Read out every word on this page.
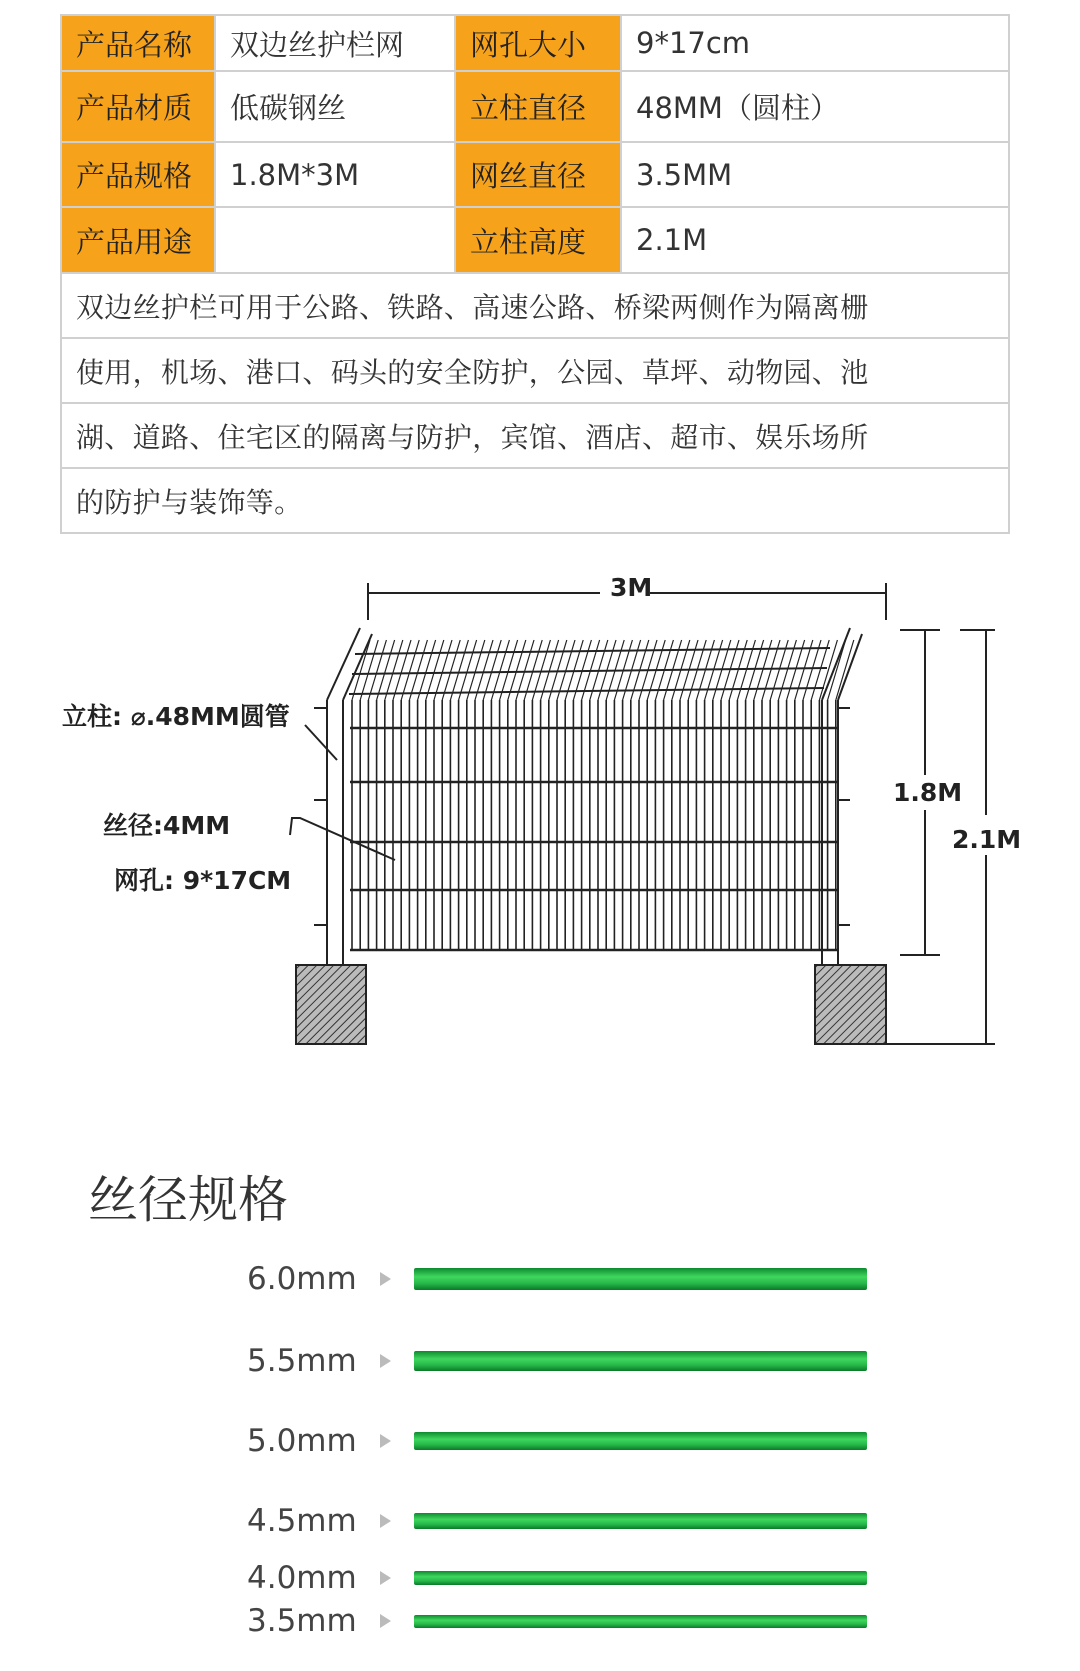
产品名称	双边丝护栏网	网孔大小	9*17cm
产品材质	低碳钢丝	立柱直径	48MM（圆柱）
产品规格	1.8M*3M	网丝直径	3.5MM
产品用途		立柱高度	2.1M
双边丝护栏可用于公路、铁路、高速公路、桥梁两侧作为隔离栅			
使用，机场、港口、码头的安全防护，公园、草坪、动物园、池			
湖、道路、住宅区的隔离与防护，宾馆、酒店、超市、娱乐场所			
的防护与装饰等。			
3M
立柱: ⌀.48MM圆管
丝径:4MM
网孔: 9*17CM
1.8M
2.1M
丝径规格
6.0mm
5.5mm
5.0mm
4.5mm
4.0mm
3.5mm
